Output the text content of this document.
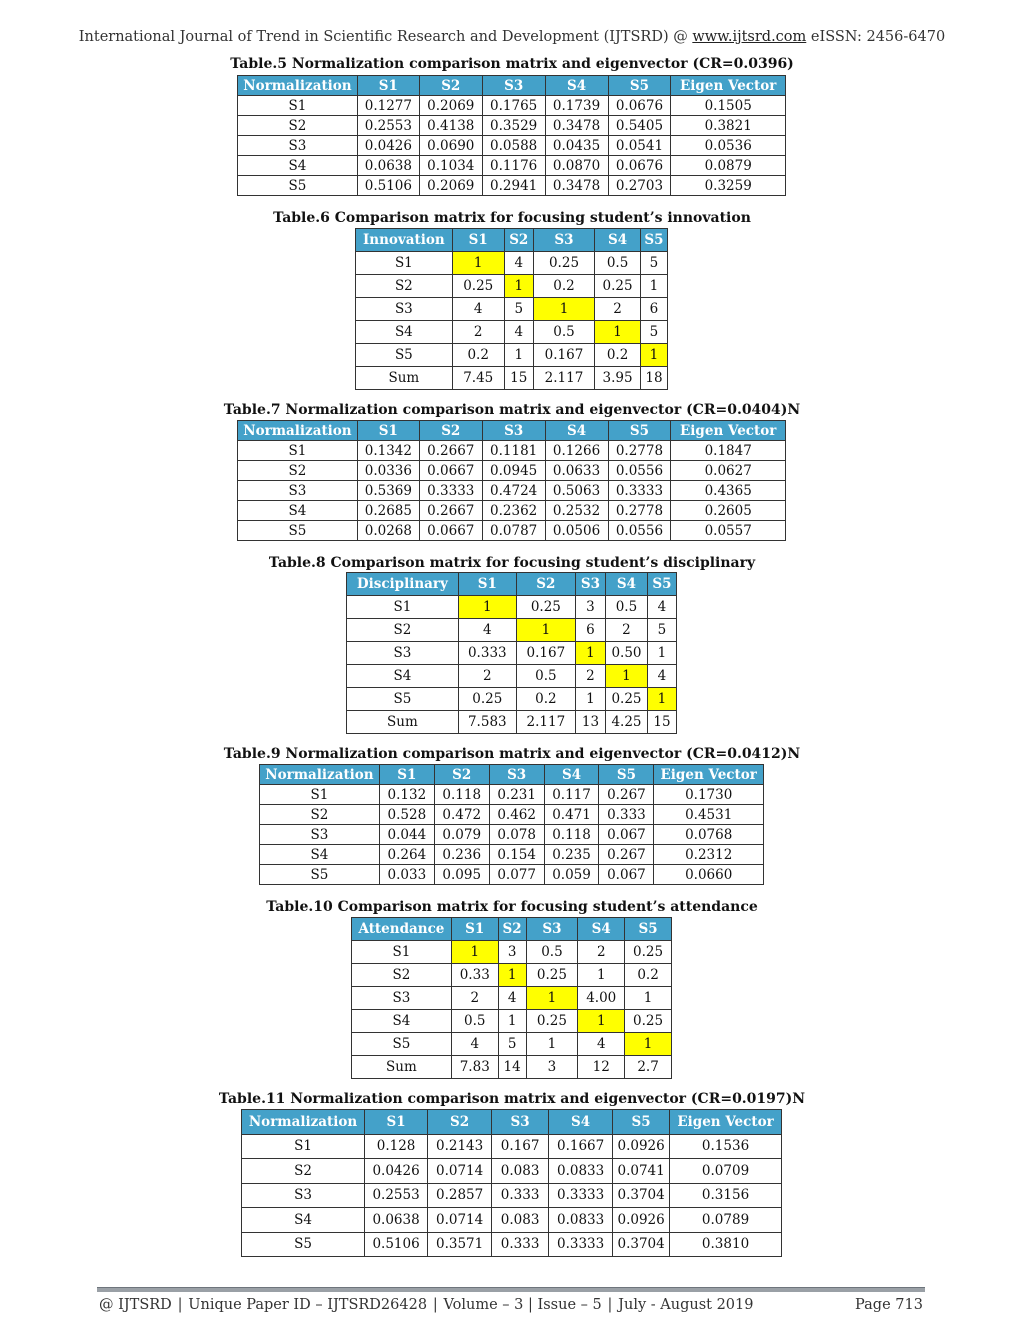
International Journal of Trend in Scientific Research and Development (IJTSRD) @ www.ijtsrd.com eISSN: 2456-6470
Table.5 Normalization comparison matrix and eigenvector (CR=0.0396)
Normalization	S1	S2	S3	S4	S5	Eigen Vector
S1	0.1277	0.2069	0.1765	0.1739	0.0676	0.1505
S2	0.2553	0.4138	0.3529	0.3478	0.5405	0.3821
S3	0.0426	0.0690	0.0588	0.0435	0.0541	0.0536
S4	0.0638	0.1034	0.1176	0.0870	0.0676	0.0879
S5	0.5106	0.2069	0.2941	0.3478	0.2703	0.3259
Table.6 Comparison matrix for focusing student’s innovation
Innovation	S1	S2	S3	S4	S5
S1	1	4	0.25	0.5	5
S2	0.25	1	0.2	0.25	1
S3	4	5	1	2	6
S4	2	4	0.5	1	5
S5	0.2	1	0.167	0.2	1
Sum	7.45	15	2.117	3.95	18
Table.7 Normalization comparison matrix and eigenvector (CR=0.0404)N
Normalization	S1	S2	S3	S4	S5	Eigen Vector
S1	0.1342	0.2667	0.1181	0.1266	0.2778	0.1847
S2	0.0336	0.0667	0.0945	0.0633	0.0556	0.0627
S3	0.5369	0.3333	0.4724	0.5063	0.3333	0.4365
S4	0.2685	0.2667	0.2362	0.2532	0.2778	0.2605
S5	0.0268	0.0667	0.0787	0.0506	0.0556	0.0557
Table.8 Comparison matrix for focusing student’s disciplinary
Disciplinary	S1	S2	S3	S4	S5
S1	1	0.25	3	0.5	4
S2	4	1	6	2	5
S3	0.333	0.167	1	0.50	1
S4	2	0.5	2	1	4
S5	0.25	0.2	1	0.25	1
Sum	7.583	2.117	13	4.25	15
Table.9 Normalization comparison matrix and eigenvector (CR=0.0412)N
Normalization	S1	S2	S3	S4	S5	Eigen Vector
S1	0.132	0.118	0.231	0.117	0.267	0.1730
S2	0.528	0.472	0.462	0.471	0.333	0.4531
S3	0.044	0.079	0.078	0.118	0.067	0.0768
S4	0.264	0.236	0.154	0.235	0.267	0.2312
S5	0.033	0.095	0.077	0.059	0.067	0.0660
Table.10 Comparison matrix for focusing student’s attendance
Attendance	S1	S2	S3	S4	S5
S1	1	3	0.5	2	0.25
S2	0.33	1	0.25	1	0.2
S3	2	4	1	4.00	1
S4	0.5	1	0.25	1	0.25
S5	4	5	1	4	1
Sum	7.83	14	3	12	2.7
Table.11 Normalization comparison matrix and eigenvector (CR=0.0197)N
Normalization	S1	S2	S3	S4	S5	Eigen Vector
S1	0.128	0.2143	0.167	0.1667	0.0926	0.1536
S2	0.0426	0.0714	0.083	0.0833	0.0741	0.0709
S3	0.2553	0.2857	0.333	0.3333	0.3704	0.3156
S4	0.0638	0.0714	0.083	0.0833	0.0926	0.0789
S5	0.5106	0.3571	0.333	0.3333	0.3704	0.3810
@ IJTSRD | Unique Paper ID – IJTSRD26428 | Volume – 3 | Issue – 5 | July - August 2019	Page 713
